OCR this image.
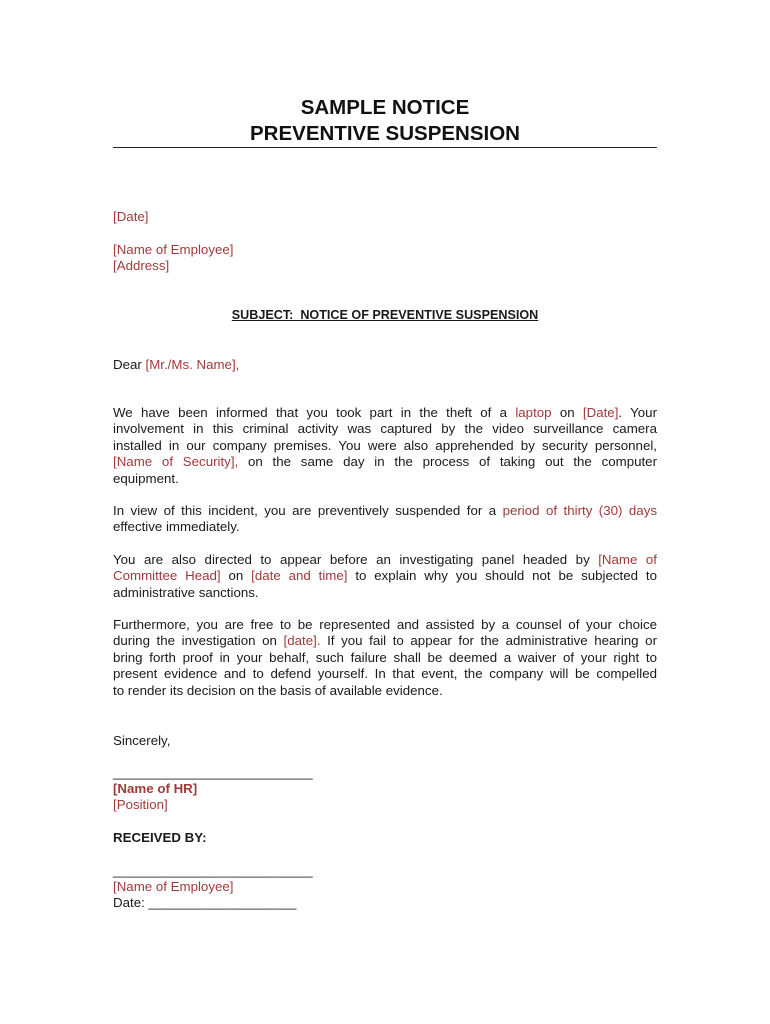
SAMPLE NOTICE
PREVENTIVE SUSPENSION
[Date]
[Name of Employee]
[Address]
SUBJECT:  NOTICE OF PREVENTIVE SUSPENSION
Dear [Mr./Ms. Name],
We have been informed that you took part in the theft of a laptop on [Date]. Your
involvement in this criminal activity was captured by the video surveillance camera
installed in our company premises. You were also apprehended by security personnel,
[Name of Security], on the same day in the process of taking out the computer
equipment.
In view of this incident, you are preventively suspended for a period of thirty (30) days
effective immediately.
You are also directed to appear before an investigating panel headed by [Name of
Committee Head] on [date and time] to explain why you should not be subjected to
administrative sanctions.
Furthermore, you are free to be represented and assisted by a counsel of your choice
during the investigation on [date]. If you fail to appear for the administrative hearing or
bring forth proof in your behalf, such failure shall be deemed a waiver of your right to
present evidence and to defend yourself. In that event, the company will be compelled
to render its decision on the basis of available evidence.
Sincerely,
___________________________
[Name of HR]
[Position]
RECEIVED BY:
___________________________
[Name of Employee]
Date: ____________________
